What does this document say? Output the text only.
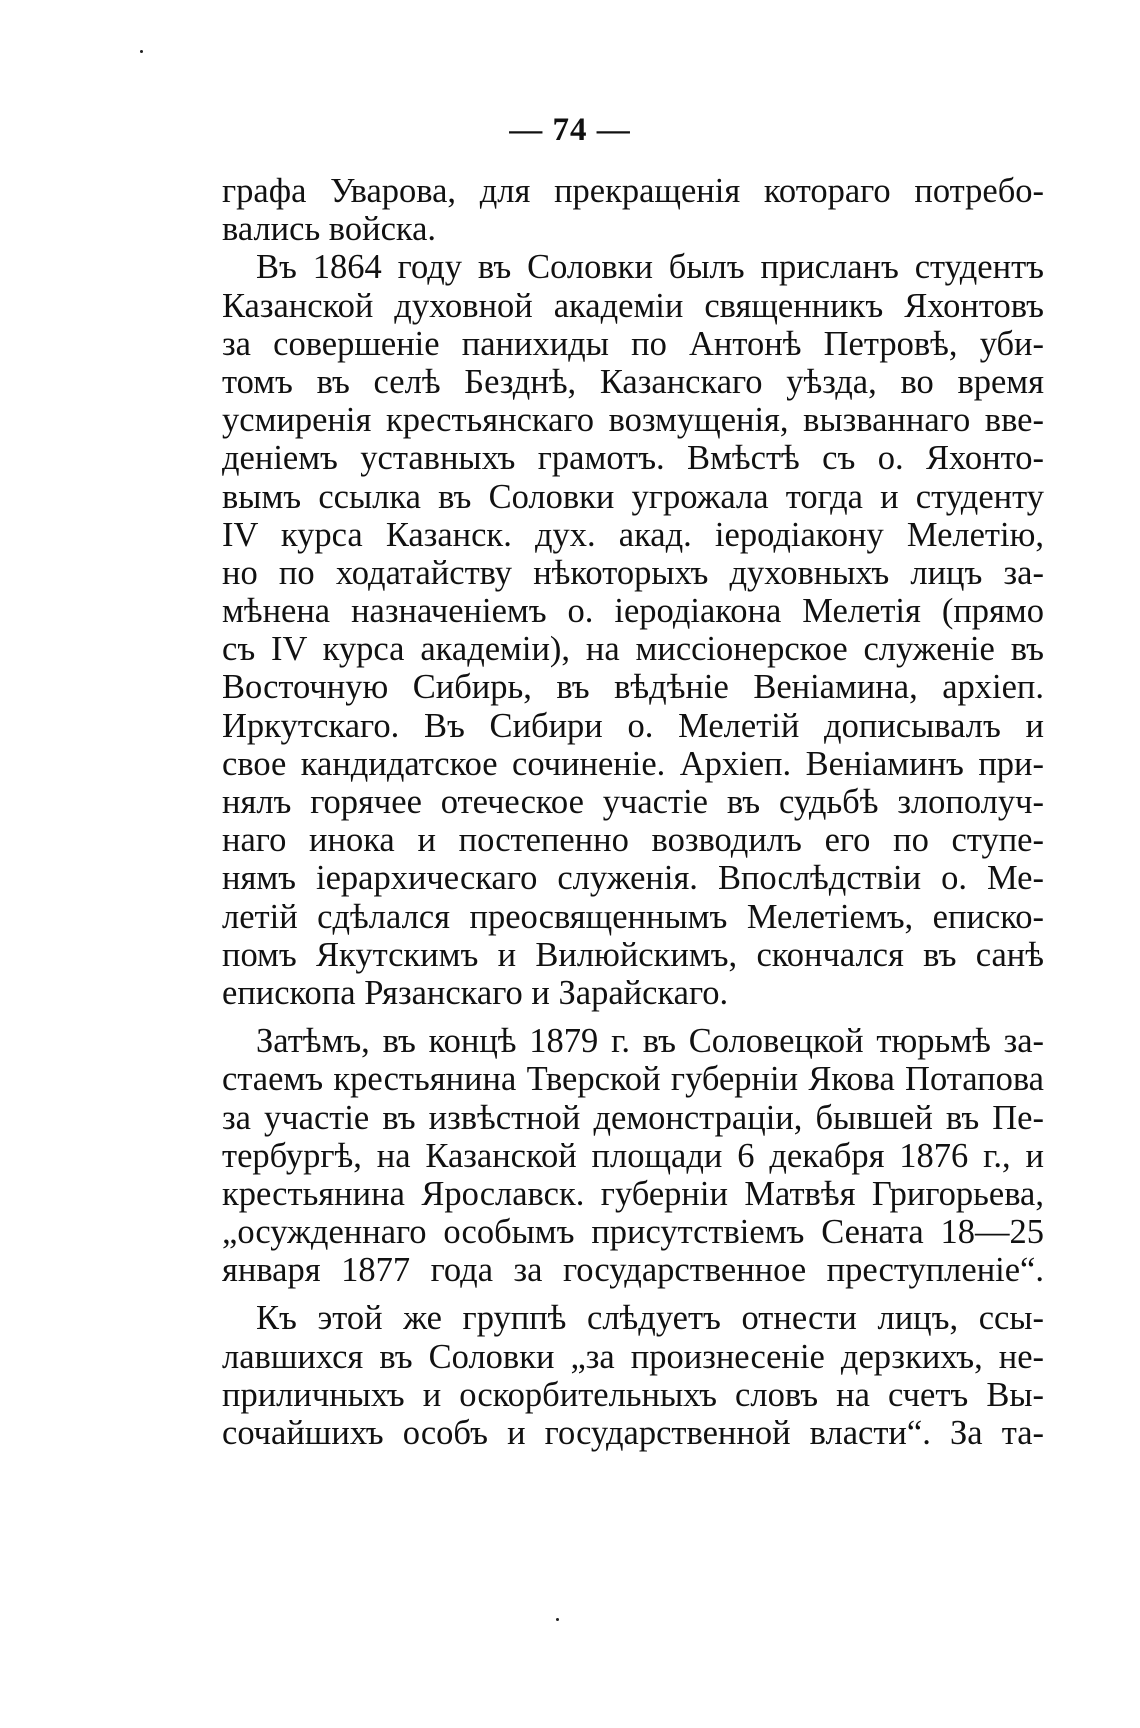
— 74 —
графа Уварова, для прекращенія котораго потребо-
вались войска.
Въ 1864 году въ Соловки былъ присланъ студентъ
Казанской духовной академіи священникъ Яхонтовъ
за совершеніе панихиды по Антонѣ Петровѣ, уби-
томъ въ селѣ Безднѣ, Казанскаго уѣзда, во время
усмиренія крестьянскаго возмущенія, вызваннаго вве-
деніемъ уставныхъ грамотъ. Вмѣстѣ съ о. Яхонто-
вымъ ссылка въ Соловки угрожала тогда и студенту
IV курса Казанск. дух. акад. іеродіакону Мелетію,
но по ходатайству нѣкоторыхъ духовныхъ лицъ за-
мѣнена назначеніемъ о. іеродіакона Мелетія (прямо
съ IV курса академіи), на миссіонерское служеніе въ
Восточную Сибирь, въ вѣдѣніе Веніамина, архіеп.
Иркутскаго. Въ Сибири о. Мелетій дописывалъ и
свое кандидатское сочиненіе. Архіеп. Веніаминъ при-
нялъ горячее отеческое участіе въ судьбѣ злополуч-
наго инока и постепенно возводилъ его по ступе-
нямъ іерархическаго служенія. Впослѣдствіи о. Ме-
летій сдѣлался преосвященнымъ Мелетіемъ, еписко-
помъ Якутскимъ и Вилюйскимъ, скончался въ санѣ
епископа Рязанскаго и Зарайскаго.
Затѣмъ, въ концѣ 1879 г. въ Соловецкой тюрьмѣ за-
стаемъ крестьянина Тверской губерніи Якова Потапова
за участіе въ извѣстной демонстраціи, бывшей въ Пе-
тербургѣ, на Казанской площади 6 декабря 1876 г., и
крестьянина Ярославск. губерніи Матвѣя Григорьева,
„осужденнаго особымъ присутствіемъ Сената 18—25
января 1877 года за государственное преступленіе“.
Къ этой же группѣ слѣдуетъ отнести лицъ, ссы-
лавшихся въ Соловки „за произнесеніе дерзкихъ, не-
приличныхъ и оскорбительныхъ словъ на счетъ Вы-
сочайшихъ особъ и государственной власти“. За та-
